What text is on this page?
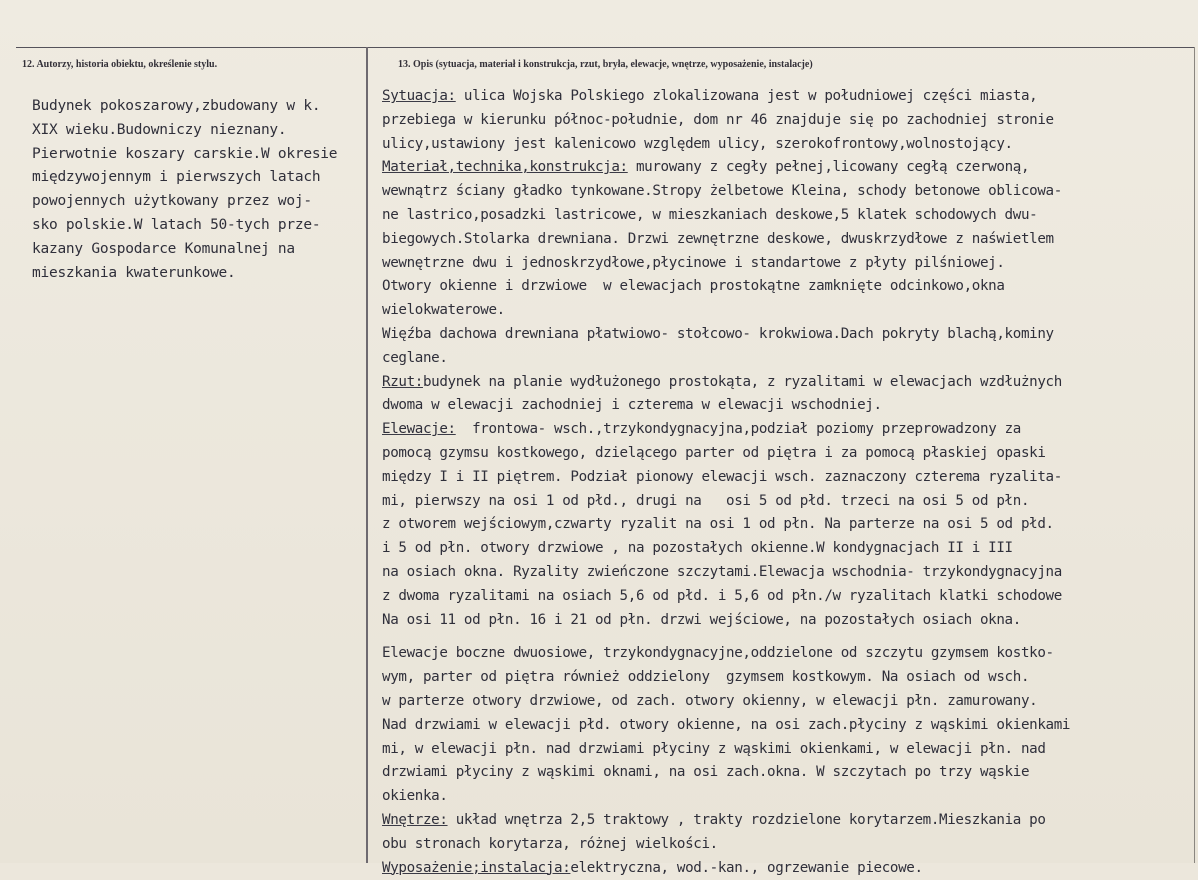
12. Autorzy, historia obiektu, określenie stylu.	13. Opis (sytuacja, materiał i konstrukcja, rzut, bryła, elewacje, wnętrze, wyposażenie, instalacje)
Budynek pokoszarowy,zbudowany w k.
XIX wieku.Budowniczy nieznany.
Pierwotnie koszary carskie.W okresie
międzywojennym i pierwszych latach
powojennych użytkowany przez woj-
sko polskie.W latach 50-tych prze-
kazany Gospodarce Komunalnej na
mieszkania kwaterunkowe.
Sytuacja: ulica Wojska Polskiego zlokalizowana jest w południowej części miasta,
przebiega w kierunku północ-południe, dom nr 46 znajduje się po zachodniej stronie
ulicy,ustawiony jest kalenicowo względem ulicy, szerokofrontowy,wolnostojący.
Materiał,technika,konstrukcja: murowany z cegły pełnej,licowany cegłą czerwoną,
wewnątrz ściany gładko tynkowane.Stropy żelbetowe Kleina, schody betonowe oblicowa-
ne lastrico,posadzki lastricowe, w mieszkaniach deskowe,5 klatek schodowych dwu-
biegowych.Stolarka drewniana. Drzwi zewnętrzne deskowe, dwuskrzydłowe z naświetlem
wewnętrzne dwu i jednoskrzydłowe,płycinowe i standartowe z płyty pilśniowej.
Otwory okienne i drzwiowe  w elewacjach prostokątne zamknięte odcinkowo,okna
wielokwaterowe.
Więźba dachowa drewniana płatwiowo- stołcowo- krokwiowa.Dach pokryty blachą,kominy
ceglane.
Rzut:budynek na planie wydłużonego prostokąta, z ryzalitami w elewacjach wzdłużnych
dwoma w elewacji zachodniej i czterema w elewacji wschodniej.
Elewacje:  frontowa- wsch.,trzykondygnacyjna,podział poziomy przeprowadzony za
pomocą gzymsu kostkowego, dzielącego parter od piętra i za pomocą płaskiej opaski
między I i II piętrem. Podział pionowy elewacji wsch. zaznaczony czterema ryzalita-
mi, pierwszy na osi 1 od płd., drugi na   osi 5 od płd. trzeci na osi 5 od płn.
z otworem wejściowym,czwarty ryzalit na osi 1 od płn. Na parterze na osi 5 od płd.
i 5 od płn. otwory drzwiowe , na pozostałych okienne.W kondygnacjach II i III
na osiach okna. Ryzality zwieńczone szczytami.Elewacja wschodnia- trzykondygnacyjna
z dwoma ryzalitami na osiach 5,6 od płd. i 5,6 od płn./w ryzalitach klatki schodowe
Na osi 11 od płn. 16 i 21 od płn. drzwi wejściowe, na pozostałych osiach okna.
Elewacje boczne dwuosiowe, trzykondygnacyjne,oddzielone od szczytu gzymsem kostko-
wym, parter od piętra również oddzielony  gzymsem kostkowym. Na osiach od wsch.
w parterze otwory drzwiowe, od zach. otwory okienny, w elewacji płn. zamurowany.
Nad drzwiami w elewacji płd. otwory okienne, na osi zach.płyciny z wąskimi okienkami
mi, w elewacji płn. nad drzwiami płyciny z wąskimi okienkami, w elewacji płn. nad
drzwiami płyciny z wąskimi oknami, na osi zach.okna. W szczytach po trzy wąskie
okienka.
Wnętrze: układ wnętrza 2,5 traktowy , trakty rozdzielone korytarzem.Mieszkania po
obu stronach korytarza, różnej wielkości.
Wyposażenie;instalacja:elektryczna, wod.-kan., ogrzewanie piecowe.
